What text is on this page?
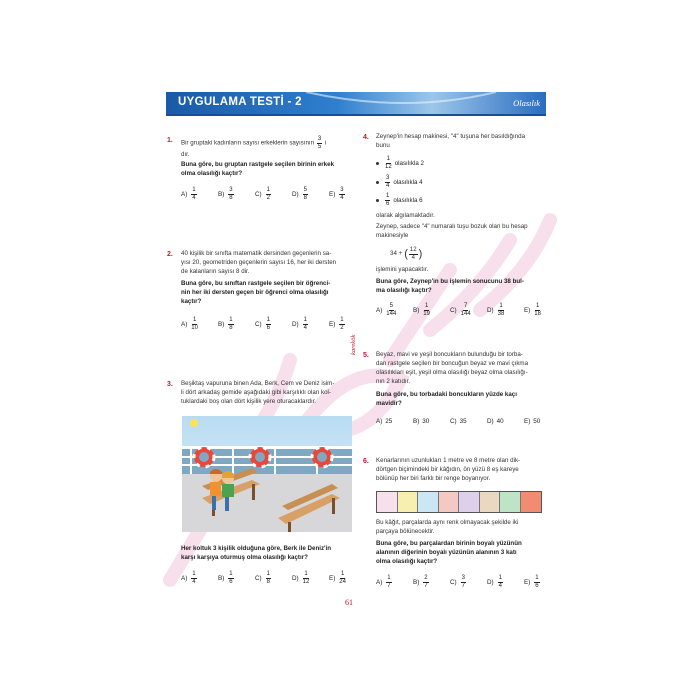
UYGULAMA TESTİ - 2	Olasılık
1. Bir gruptaki kadınların sayısı erkeklerin sayısının $\frac{3}{5}$ i
dır.
Buna göre, bu gruptan rastgele seçilen birinin erkek
olma olasılığı kaçtır?
$A) \frac{1}{4}$	$B) \frac{3}{8}$	$C) \frac{1}{2}$	$D) \frac{5}{8}$	$E) \frac{3}{4}$
2. 40 kişilik bir sınıfta matematik dersinden geçenlerin sa-
yısı 20, geometriden geçenlerin sayısı 16, her iki dersten
de kalanların sayısı 8 dir.
Buna göre, bu sınıftan rastgele seçilen bir öğrenci-
nin her iki dersten geçen bir öğrenci olma olasılığı
kaçtır?
$A) \frac{1}{10}$	$B) \frac{1}{8}$	$C) \frac{1}{6}$	$D) \frac{1}{4}$	$E) \frac{1}{2}$
3. Beşiktaş vapuruna binen Ada, Berk, Cem ve Deniz isim-
li dört arkadaş gemide aşağıdaki gibi karşılıklı olan kol-
tuklardaki boş olan dört kişilik yere oturacaklardır.
Her koltuk 3 kişilik olduğuna göre, Berk ile Deniz'in
karşı karşıya oturmuş olma olasılığı kaçtır?
$A) \frac{1}{4}$	$B) \frac{1}{6}$	$C) \frac{1}{8}$	$D) \frac{1}{12}$	$E) \frac{1}{24}$
karekök
4. Zeynep'in hesap makinesi, "4" tuşuna her basıldığında
bunu
$\frac{1}{12}$ olasılıkla 2
$\frac{3}{4}$ olasılıkla 4
$\frac{1}{6}$ olasılıkla 6
olarak algılamaktadır.
Zeynep, sadece "4" numaralı tuşu bozuk olan bu hesap
makinesiyle
34 + ( $\frac{12}{4}$ )
işlemini yapacaktır.
Buna göre, Zeynep'in bu işlemin sonucunu 38 bul-
ma olasılığı kaçtır?
$A) \frac{5}{144}$	$B) \frac{1}{19}$	$C) \frac{7}{144}$	$D) \frac{1}{38}$	$E) \frac{1}{18}$
5. Beyaz, mavi ve yeşil boncukların bulunduğu bir torba-
dan rastgele seçilen bir boncuğun beyaz ve mavi çıkma
olasılıkları eşit, yeşil olma olasılığı beyaz olma olasılığı-
nın 2 katıdır.
Buna göre, bu torbadaki boncukların yüzde kaçı
mavidir?
A) 25	B) 30	C) 35	D) 40	E) 50
6. Kenarlarının uzunlukları 1 metre ve 8 metre olan dik-
dörtgen biçimindeki bir kâğıdın, ön yüzü 8 eş kareye
bölünüp her biri farklı bir renge boyanıyor.
Bu kâğıt, parçalarda aynı renk olmayacak şekilde iki
parçaya bölünecektir.
Buna göre, bu parçalardan birinin boyalı yüzünün
alanının diğerinin boyalı yüzünün alanının 3 katı
olma olasılığı kaçtır?
$A) \frac{1}{7}$	$B) \frac{2}{7}$	$C) \frac{3}{7}$	$D) \frac{1}{4}$	$E) \frac{1}{6}$
61
